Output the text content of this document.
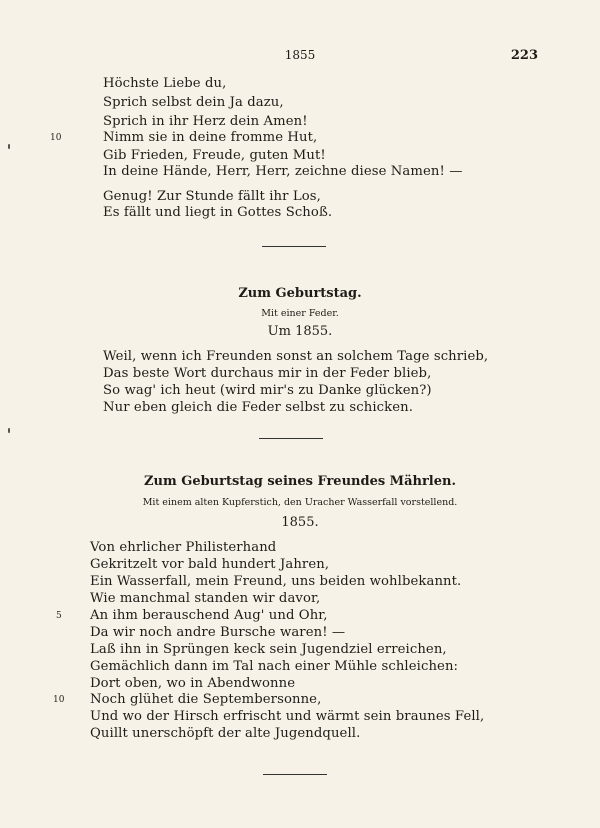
1855	223
Höchste Liebe du,
Sprich selbst dein Ja dazu,
Sprich in ihr Herz dein Amen!
10	Nimm sie in deine fromme Hut,
Gib Frieden, Freude, guten Mut!
In deine Hände, Herr, Herr, zeichne diese Namen! —
Genug! Zur Stunde fällt ihr Los,
Es fällt und liegt in Gottes Schoß.
Zum Geburtstag.
Mit einer Feder.
Um 1855.
Weil, wenn ich Freunden sonst an solchem Tage schrieb,
Das beste Wort durchaus mir in der Feder blieb,
So wag' ich heut (wird mir's zu Danke glücken?)
Nur eben gleich die Feder selbst zu schicken.
Zum Geburtstag seines Freundes Mährlen.
Mit einem alten Kupferstich, den Uracher Wasserfall vorstellend.
1855.
Von ehrlicher Philisterhand
Gekritzelt vor bald hundert Jahren,
Ein Wasserfall, mein Freund, uns beiden wohlbekannt.
Wie manchmal standen wir davor,
5 An ihm berauschend Aug' und Ohr,
Da wir noch andre Bursche waren! —
Laß ihn in Sprüngen keck sein Jugendziel erreichen,
Gemächlich dann im Tal nach einer Mühle schleichen:
Dort oben, wo in Abendwonne
10 Noch glühet die Septembersonne,
Und wo der Hirsch erfrischt und wärmt sein braunes Fell,
Quillt unerschöpft der alte Jugendquell.
